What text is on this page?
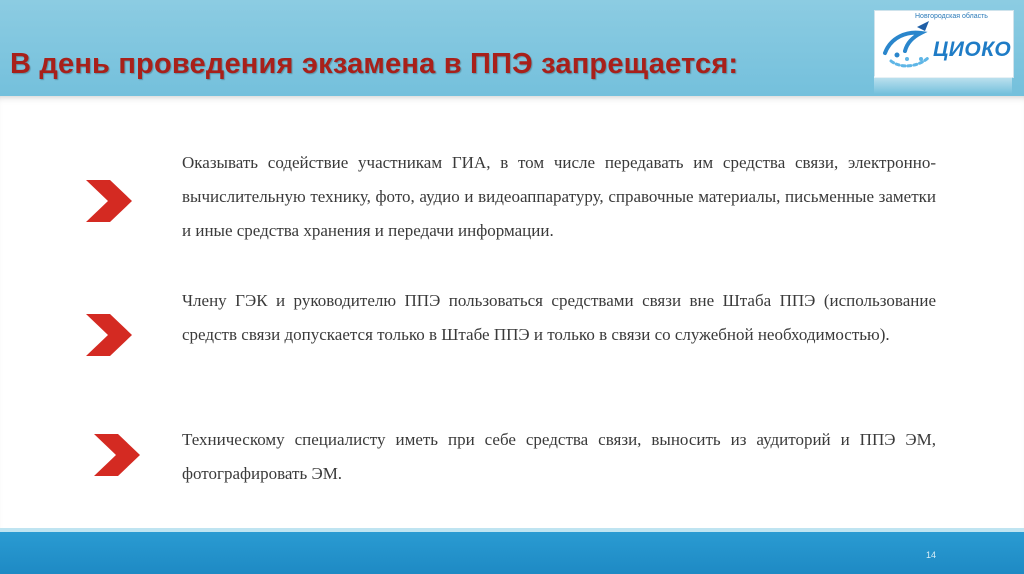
В день проведения экзамена в ППЭ запрещается:
Новгородская область
ЦИОКО
Оказывать содействие участникам ГИА, в том числе передавать им средства связи, электронно-вычислительную технику, фото, аудио и видеоаппаратуру, справочные материалы, письменные заметки и иные средства хранения и передачи информации.
Члену ГЭК и руководителю ППЭ пользоваться средствами связи вне Штаба ППЭ (использование средств связи допускается только в Штабе ППЭ и только в связи со служебной необходимостью).
Техническому специалисту иметь при себе средства связи, выносить из аудиторий и ППЭ ЭМ, фотографировать ЭМ.
14
